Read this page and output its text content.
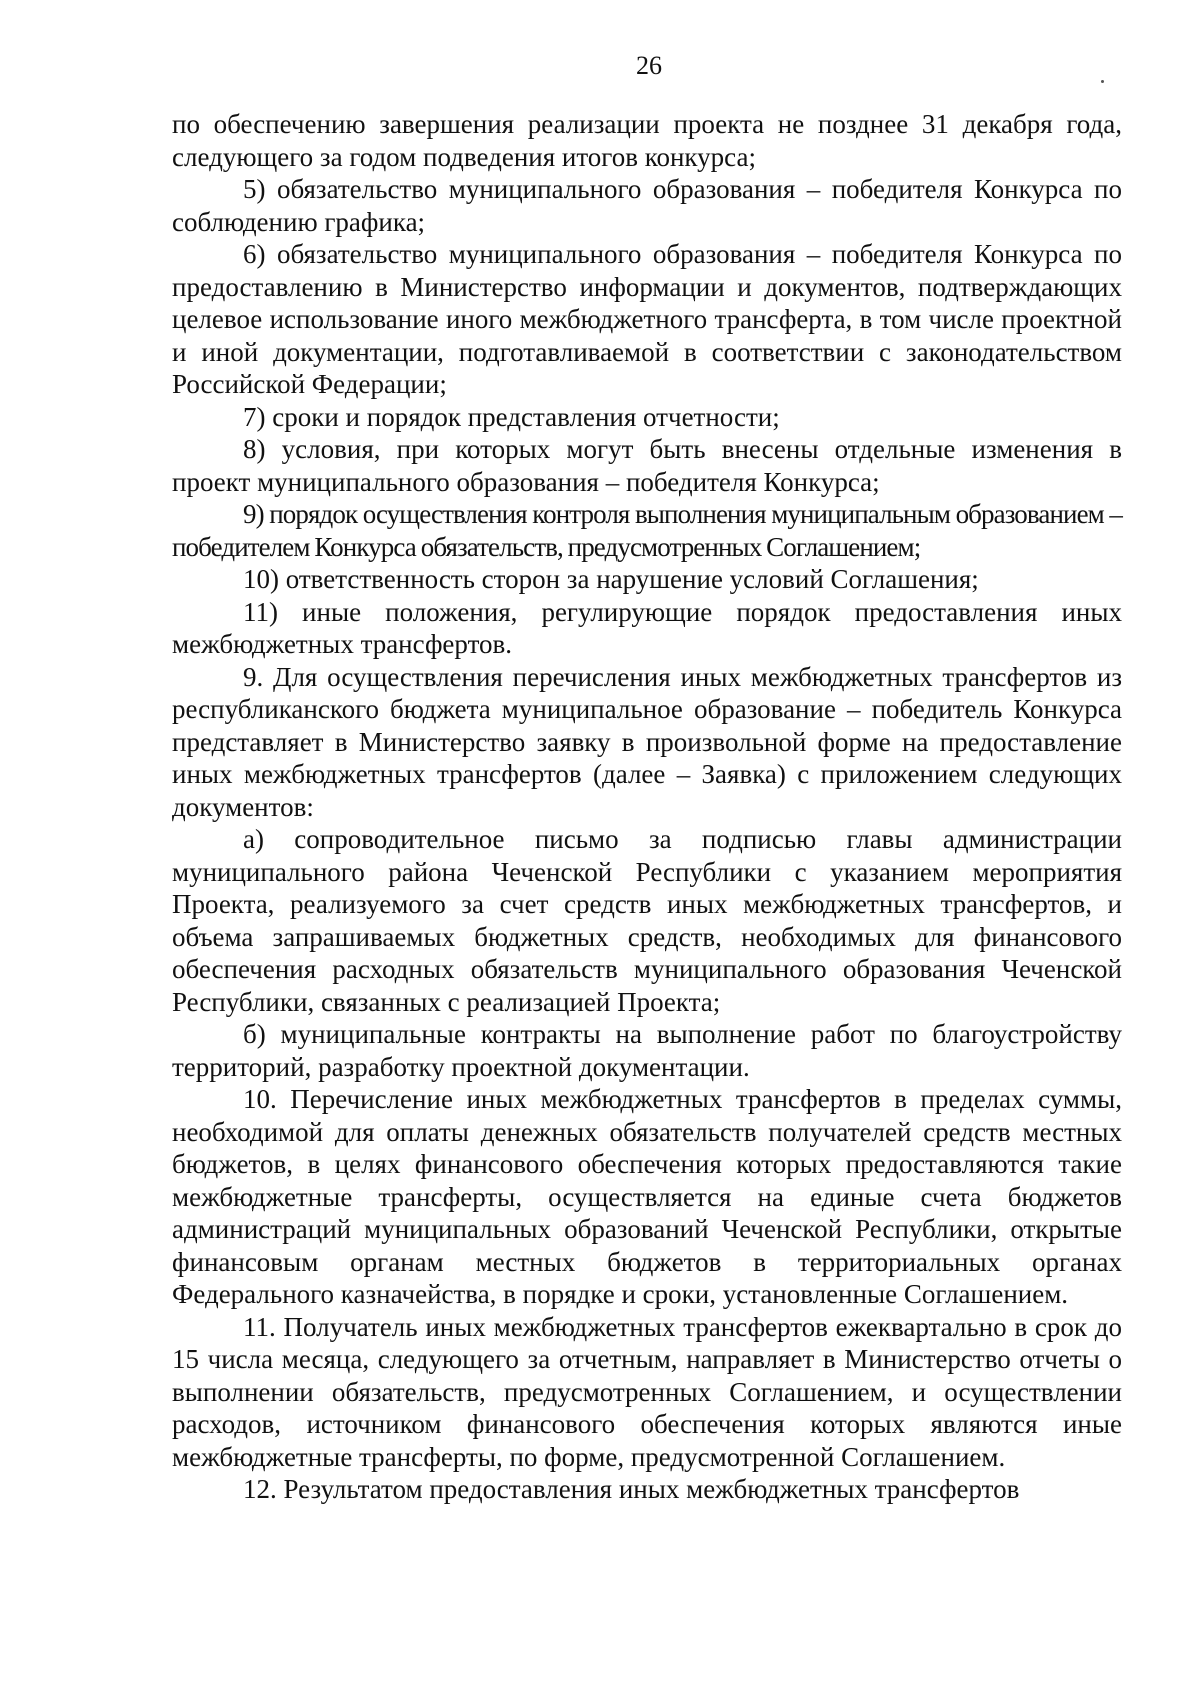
26

по обеспечению завершения реализации проекта не позднее 31 декабря года, следующего за годом подведения итогов конкурса;

5) обязательство муниципального образования – победителя Конкурса по соблюдению графика;

6) обязательство муниципального образования – победителя Конкурса по предоставлению в Министерство информации и документов, подтверждающих целевое использование иного межбюджетного трансферта, в том числе проектной и иной документации, подготавливаемой в соответствии с законодательством Российской Федерации;

7) сроки и порядок представления отчетности;

8) условия, при которых могут быть внесены отдельные изменения в проект муниципального образования – победителя Конкурса;

9) порядок осуществления контроля выполнения муниципальным образованием – победителем Конкурса обязательств, предусмотренных Соглашением;

10) ответственность сторон за нарушение условий Соглашения;

11) иные положения, регулирующие порядок предоставления иных межбюджетных трансфертов.

9. Для осуществления перечисления иных межбюджетных трансфертов из республиканского бюджета муниципальное образование – победитель Конкурса представляет в Министерство заявку в произвольной форме на предоставление иных межбюджетных трансфертов (далее – Заявка) с приложением следующих документов:

а) сопроводительное письмо за подписью главы администрации муниципального района Чеченской Республики с указанием мероприятия Проекта, реализуемого за счет средств иных межбюджетных трансфертов, и объема запрашиваемых бюджетных средств, необходимых для финансового обеспечения расходных обязательств муниципального образования Чеченской Республики, связанных с реализацией Проекта;

б) муниципальные контракты на выполнение работ по благоустройству территорий, разработку проектной документации.

10. Перечисление иных межбюджетных трансфертов в пределах суммы, необходимой для оплаты денежных обязательств получателей средств местных бюджетов, в целях финансового обеспечения которых предоставляются такие межбюджетные трансферты, осуществляется на единые счета бюджетов администраций муниципальных образований Чеченской Республики, открытые финансовым органам местных бюджетов в территориальных органах Федерального казначейства, в порядке и сроки, установленные Соглашением.

11. Получатель иных межбюджетных трансфертов ежеквартально в срок до 15 числа месяца, следующего за отчетным, направляет в Министерство отчеты о выполнении обязательств, предусмотренных Соглашением, и осуществлении расходов, источником финансового обеспечения которых являются иные межбюджетные трансферты, по форме, предусмотренной Соглашением.

12. Результатом предоставления иных межбюджетных трансфертов
